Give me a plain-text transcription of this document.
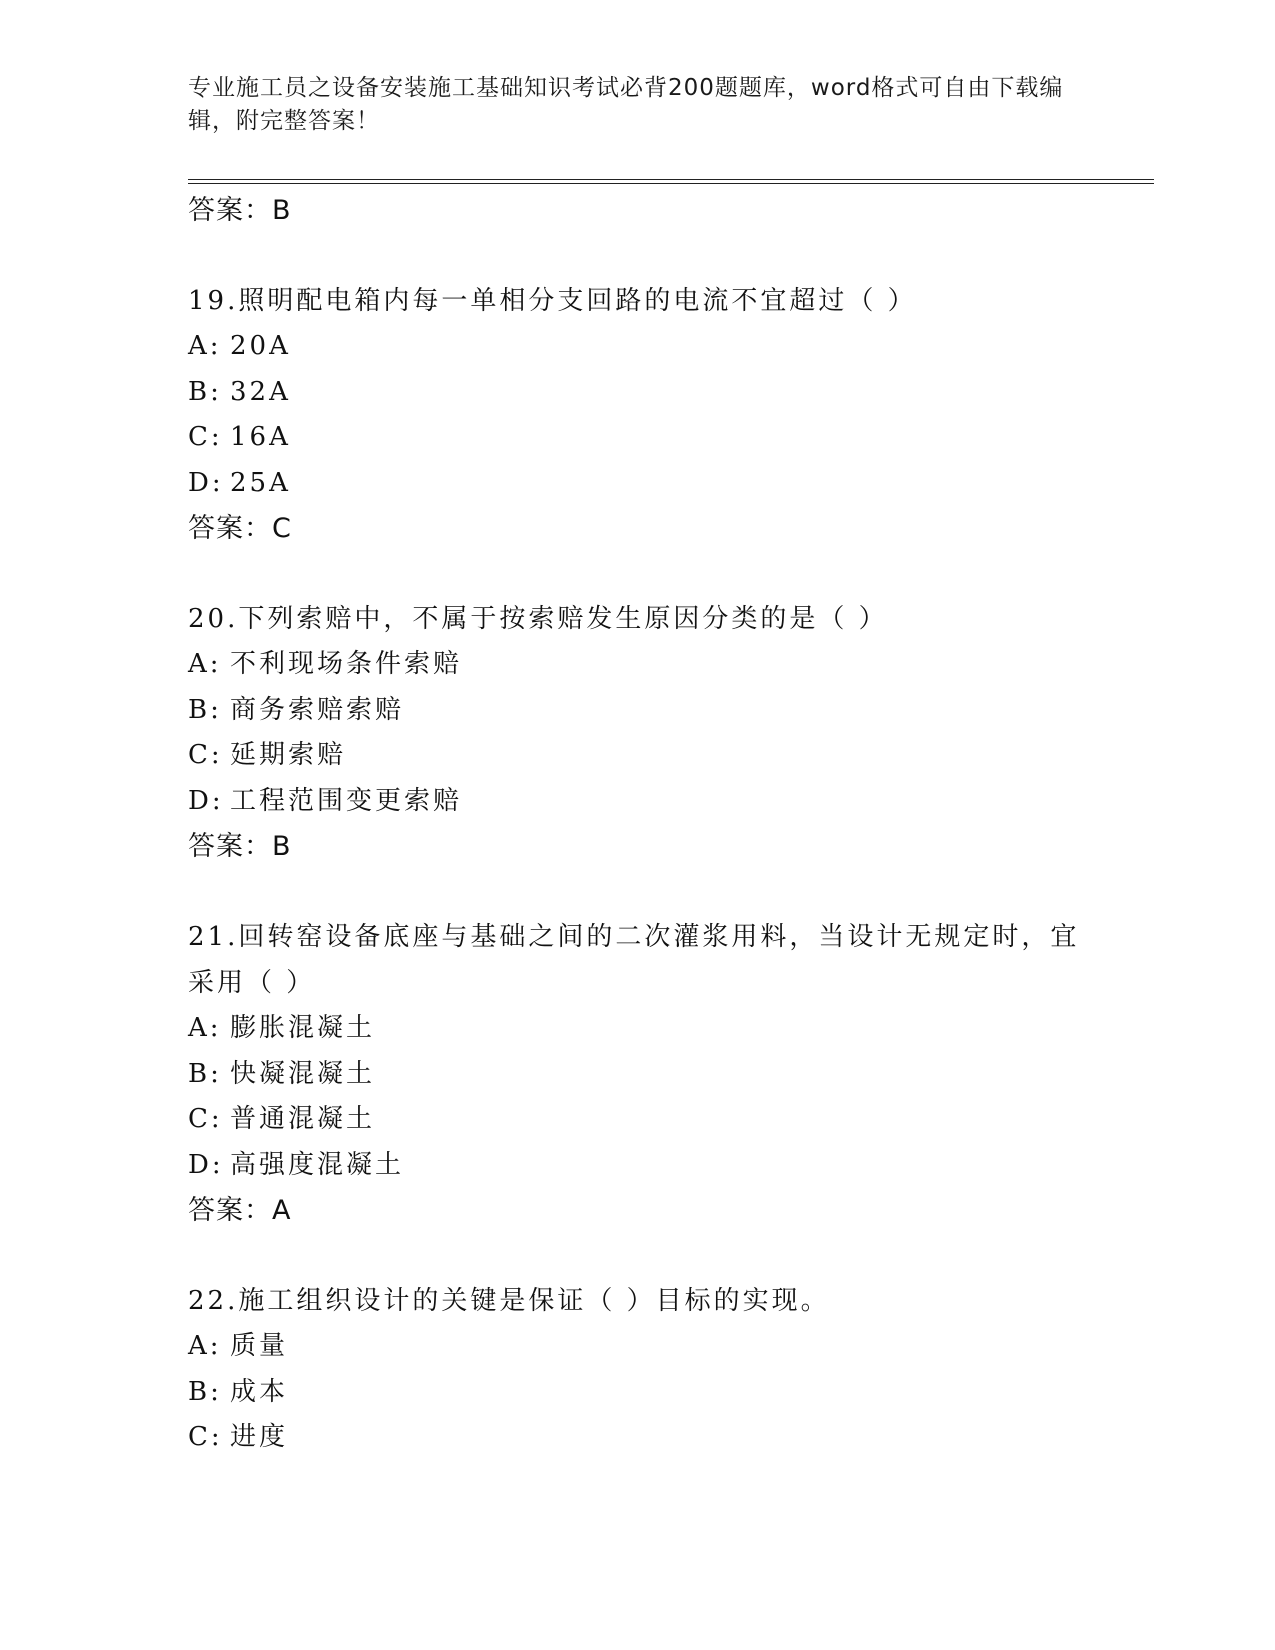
专业施工员之设备安装施工基础知识考试必背200题题库，word格式可自由下载编辑，附完整答案！
答案：B
19.照明配电箱内每一单相分支回路的电流不宜超过（ ）
A: 20A
B: 32A
C: 16A
D: 25A
答案：C
20.下列索赔中，不属于按索赔发生原因分类的是（ ）
A: 不利现场条件索赔
B: 商务索赔索赔
C: 延期索赔
D: 工程范围变更索赔
答案：B
21.回转窑设备底座与基础之间的二次灌浆用料，当设计无规定时，宜采用（ ）
A: 膨胀混凝土
B: 快凝混凝土
C: 普通混凝土
D: 高强度混凝土
答案：A
22.施工组织设计的关键是保证（ ）目标的实现。
A: 质量
B: 成本
C: 进度
